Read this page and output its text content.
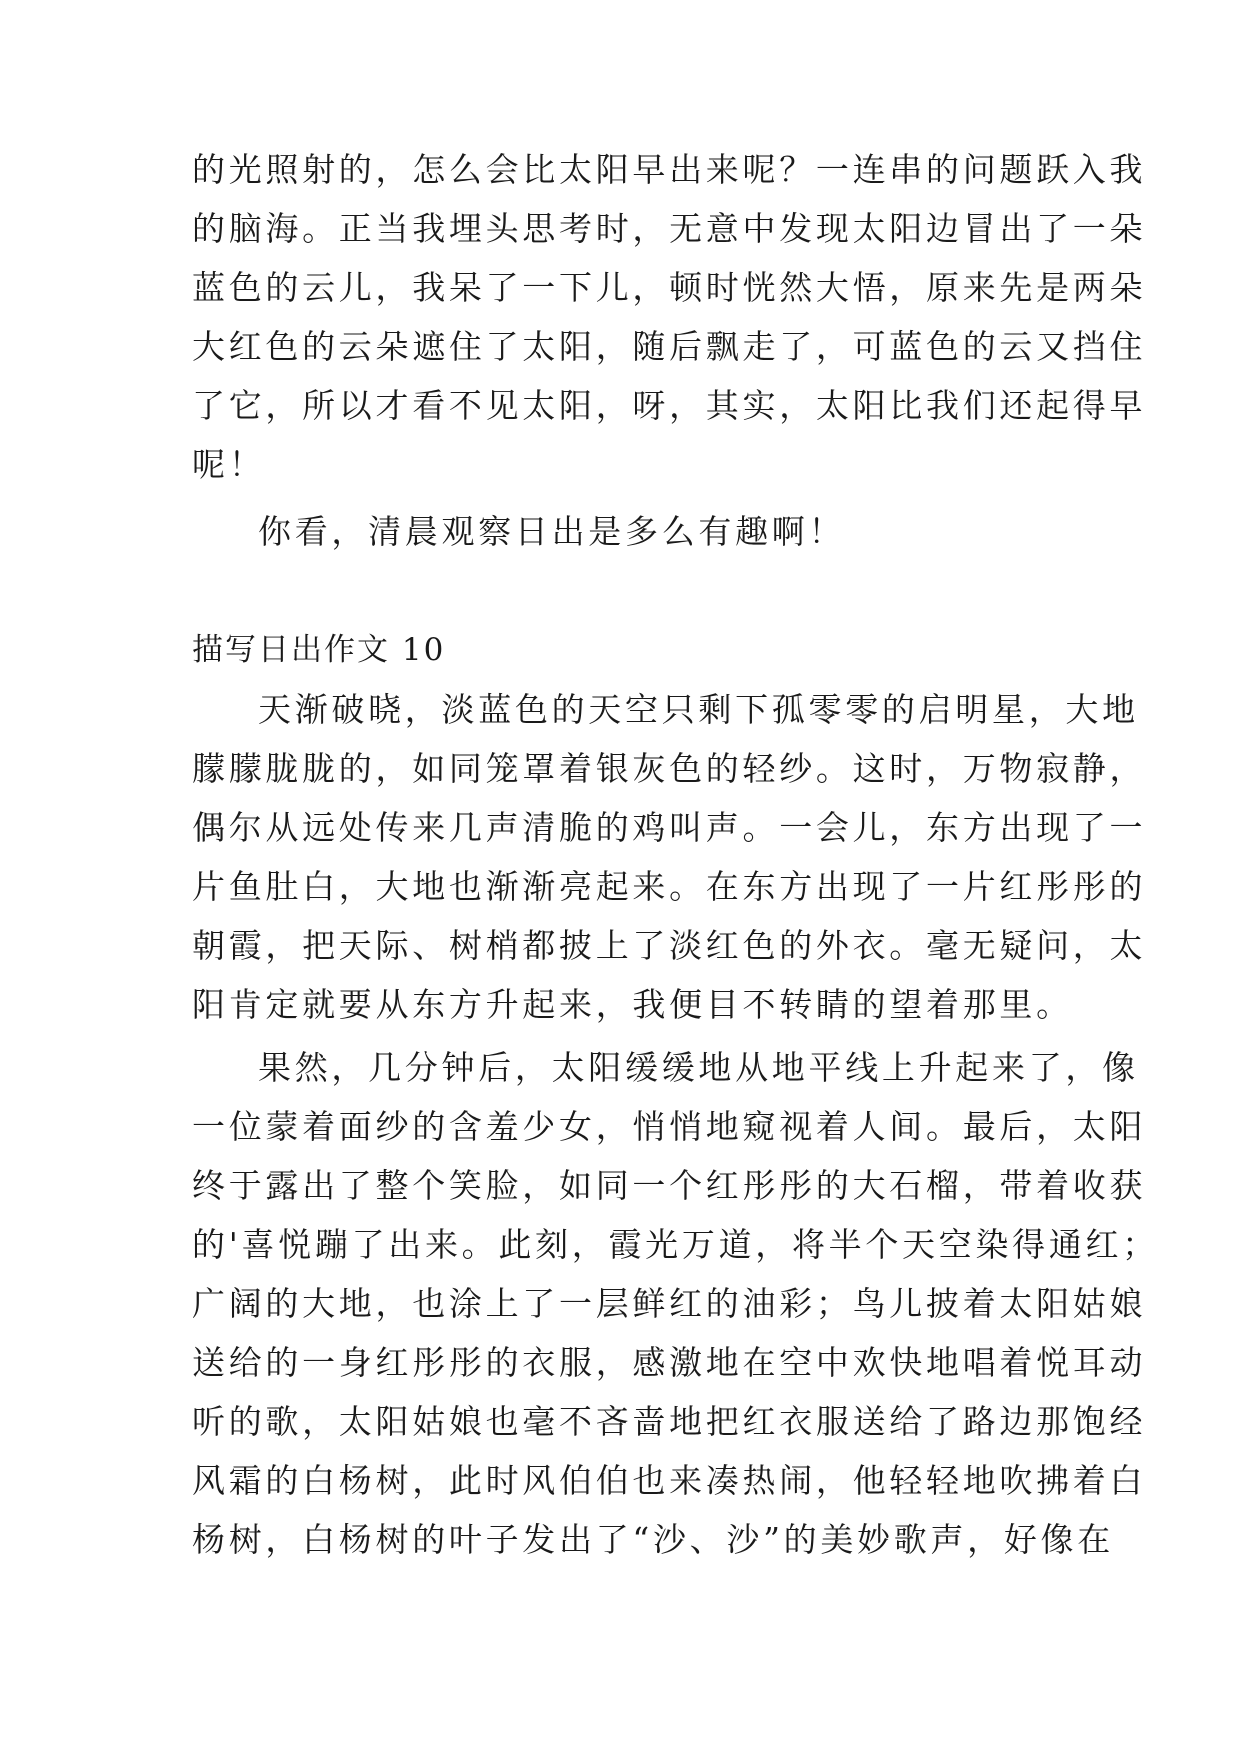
的光照射的，怎么会比太阳早出来呢？一连串的问题跃入我
的脑海。正当我埋头思考时，无意中发现太阳边冒出了一朵
蓝色的云儿，我呆了一下儿，顿时恍然大悟，原来先是两朵
大红色的云朵遮住了太阳，随后飘走了，可蓝色的云又挡住
了它，所以才看不见太阳，呀，其实，太阳比我们还起得早
呢！
你看，清晨观察日出是多么有趣啊！
描写日出作文 10
天渐破晓，淡蓝色的天空只剩下孤零零的启明星，大地
朦朦胧胧的，如同笼罩着银灰色的轻纱。这时，万物寂静，
偶尔从远处传来几声清脆的鸡叫声。一会儿，东方出现了一
片鱼肚白，大地也渐渐亮起来。在东方出现了一片红彤彤的
朝霞，把天际、树梢都披上了淡红色的外衣。毫无疑问，太
阳肯定就要从东方升起来，我便目不转睛的望着那里。
果然，几分钟后，太阳缓缓地从地平线上升起来了，像
一位蒙着面纱的含羞少女，悄悄地窥视着人间。最后，太阳
终于露出了整个笑脸，如同一个红彤彤的大石榴，带着收获
的'喜悦蹦了出来。此刻，霞光万道，将半个天空染得通红；
广阔的大地，也涂上了一层鲜红的油彩；鸟儿披着太阳姑娘
送给的一身红彤彤的衣服，感激地在空中欢快地唱着悦耳动
听的歌，太阳姑娘也毫不吝啬地把红衣服送给了路边那饱经
风霜的白杨树，此时风伯伯也来凑热闹，他轻轻地吹拂着白
杨树，白杨树的叶子发出了“沙、沙”的美妙歌声，好像在
